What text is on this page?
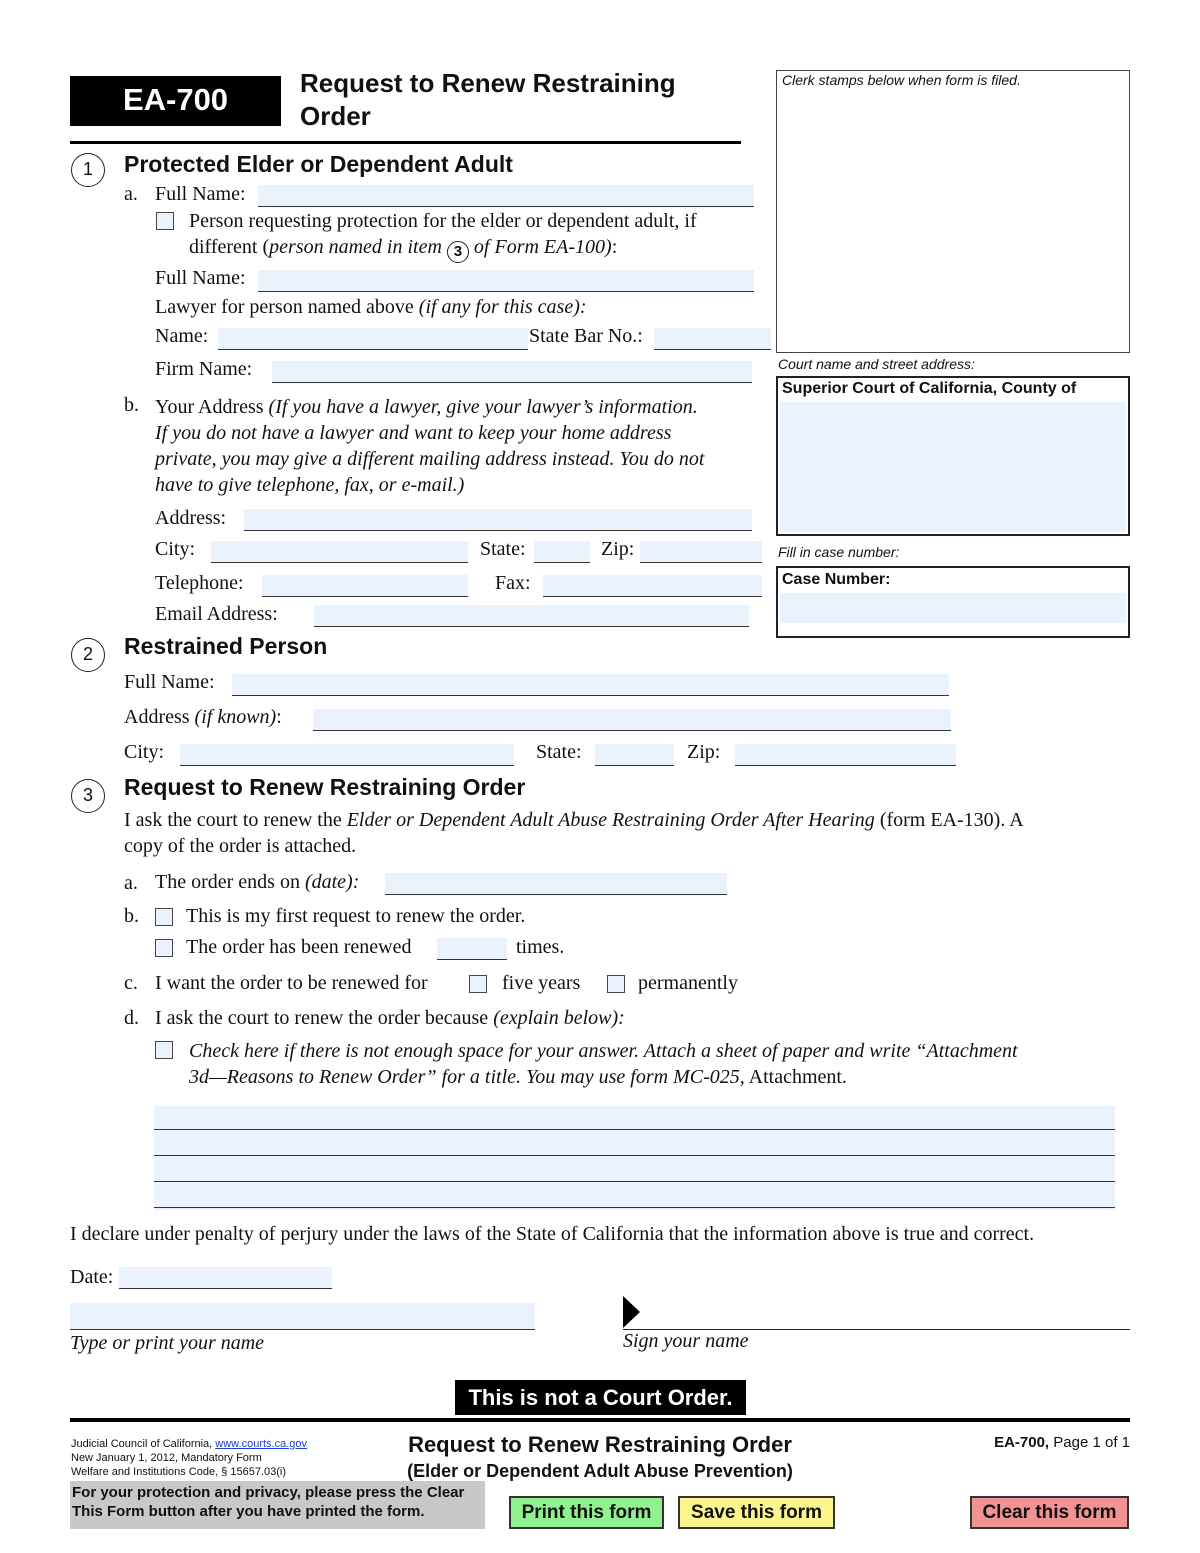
EA-700	Request to Renew Restraining
Order
Clerk stamps below when form is filed.
Court name and street address:
Superior Court of California, County of
Fill in case number:
Case Number:
1	Protected Elder or Dependent Adult
a. Full Name:
Person requesting protection for the elder or dependent adult, if
different (person named in item 3 of Form EA-100):
Full Name:
Lawyer for person named above (if any for this case):
Name:	State Bar No.:
Firm Name:
b. Your Address (If you have a lawyer, give your lawyer’s information.
If you do not have a lawyer and want to keep your home address
private, you may give a different mailing address instead. You do not
have to give telephone, fax, or e-mail.)
Address:
City:	State:	Zip:
Telephone:	Fax:
Email Address:
2	Restrained Person
Full Name:
Address (if known):
City:	State:	Zip:
3	Request to Renew Restraining Order
I ask the court to renew the Elder or Dependent Adult Abuse Restraining Order After Hearing (form EA-130). A
copy of the order is attached.
a. The order ends on (date):
b. This is my first request to renew the order.
The order has been renewed	times.
c. I want the order to be renewed for	five years	permanently
d. I ask the court to renew the order because (explain below):
Check here if there is not enough space for your answer. Attach a sheet of paper and write “Attachment
3d—Reasons to Renew Order” for a title. You may use form MC-025, Attachment.
I declare under penalty of perjury under the laws of the State of California that the information above is true and correct.
Date:
Type or print your name	Sign your name
This is not a Court Order.
Judicial Council of California, www.courts.ca.gov
New January 1, 2012, Mandatory Form
Welfare and Institutions Code, § 15657.03(i)
Request to Renew Restraining Order
(Elder or Dependent Adult Abuse Prevention)
EA-700, Page 1 of 1
For your protection and privacy, please press the Clear
This Form button after you have printed the form.	Print this form	Save this form	Clear this form
